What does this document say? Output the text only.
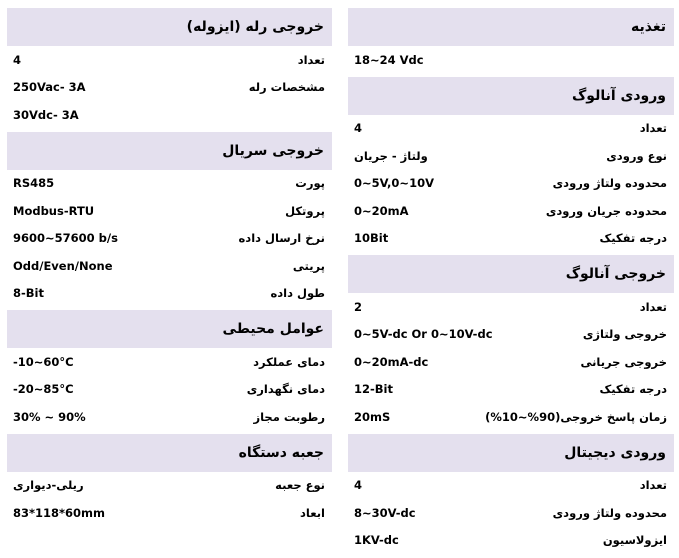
خروجی رله (ایزوله)
تعداد
4
مشخصات رله
250Vac- 3A
30Vdc- 3A
خروجی سریال
پورت
RS485
پروتکل
Modbus-RTU
نرخ ارسال داده
9600~57600 b/s
پریتی
Odd/Even/None
طول داده
8-Bit
عوامل محیطی
دمای عملکرد
-10~60°C
دمای نگهداری
-20~85°C
رطوبت مجاز
30% ~ 90%
جعبه دستگاه
نوع جعبه
ریلی-دیواری
ابعاد
83*118*60mm
تغذیه
18~24 Vdc
ورودی آنالوگ
تعداد
4
نوع ورودی
ولتاژ - جریان
محدوده ولتاژ ورودی
0~5V,0~10V
محدوده جریان ورودی
0~20mA
درجه تفکیک
10Bit
خروجی آنالوگ
تعداد
2
خروجی ولتاژی
0~5V-dc Or 0~10V-dc
خروجی جریانی
0~20mA-dc
درجه تفکیک
12-Bit
زمان پاسخ خروجی(90%~10%)
20mS
ورودی دیجیتال
تعداد
4
محدوده ولتاژ ورودی
8~30V-dc
ایزولاسیون
1KV-dc
